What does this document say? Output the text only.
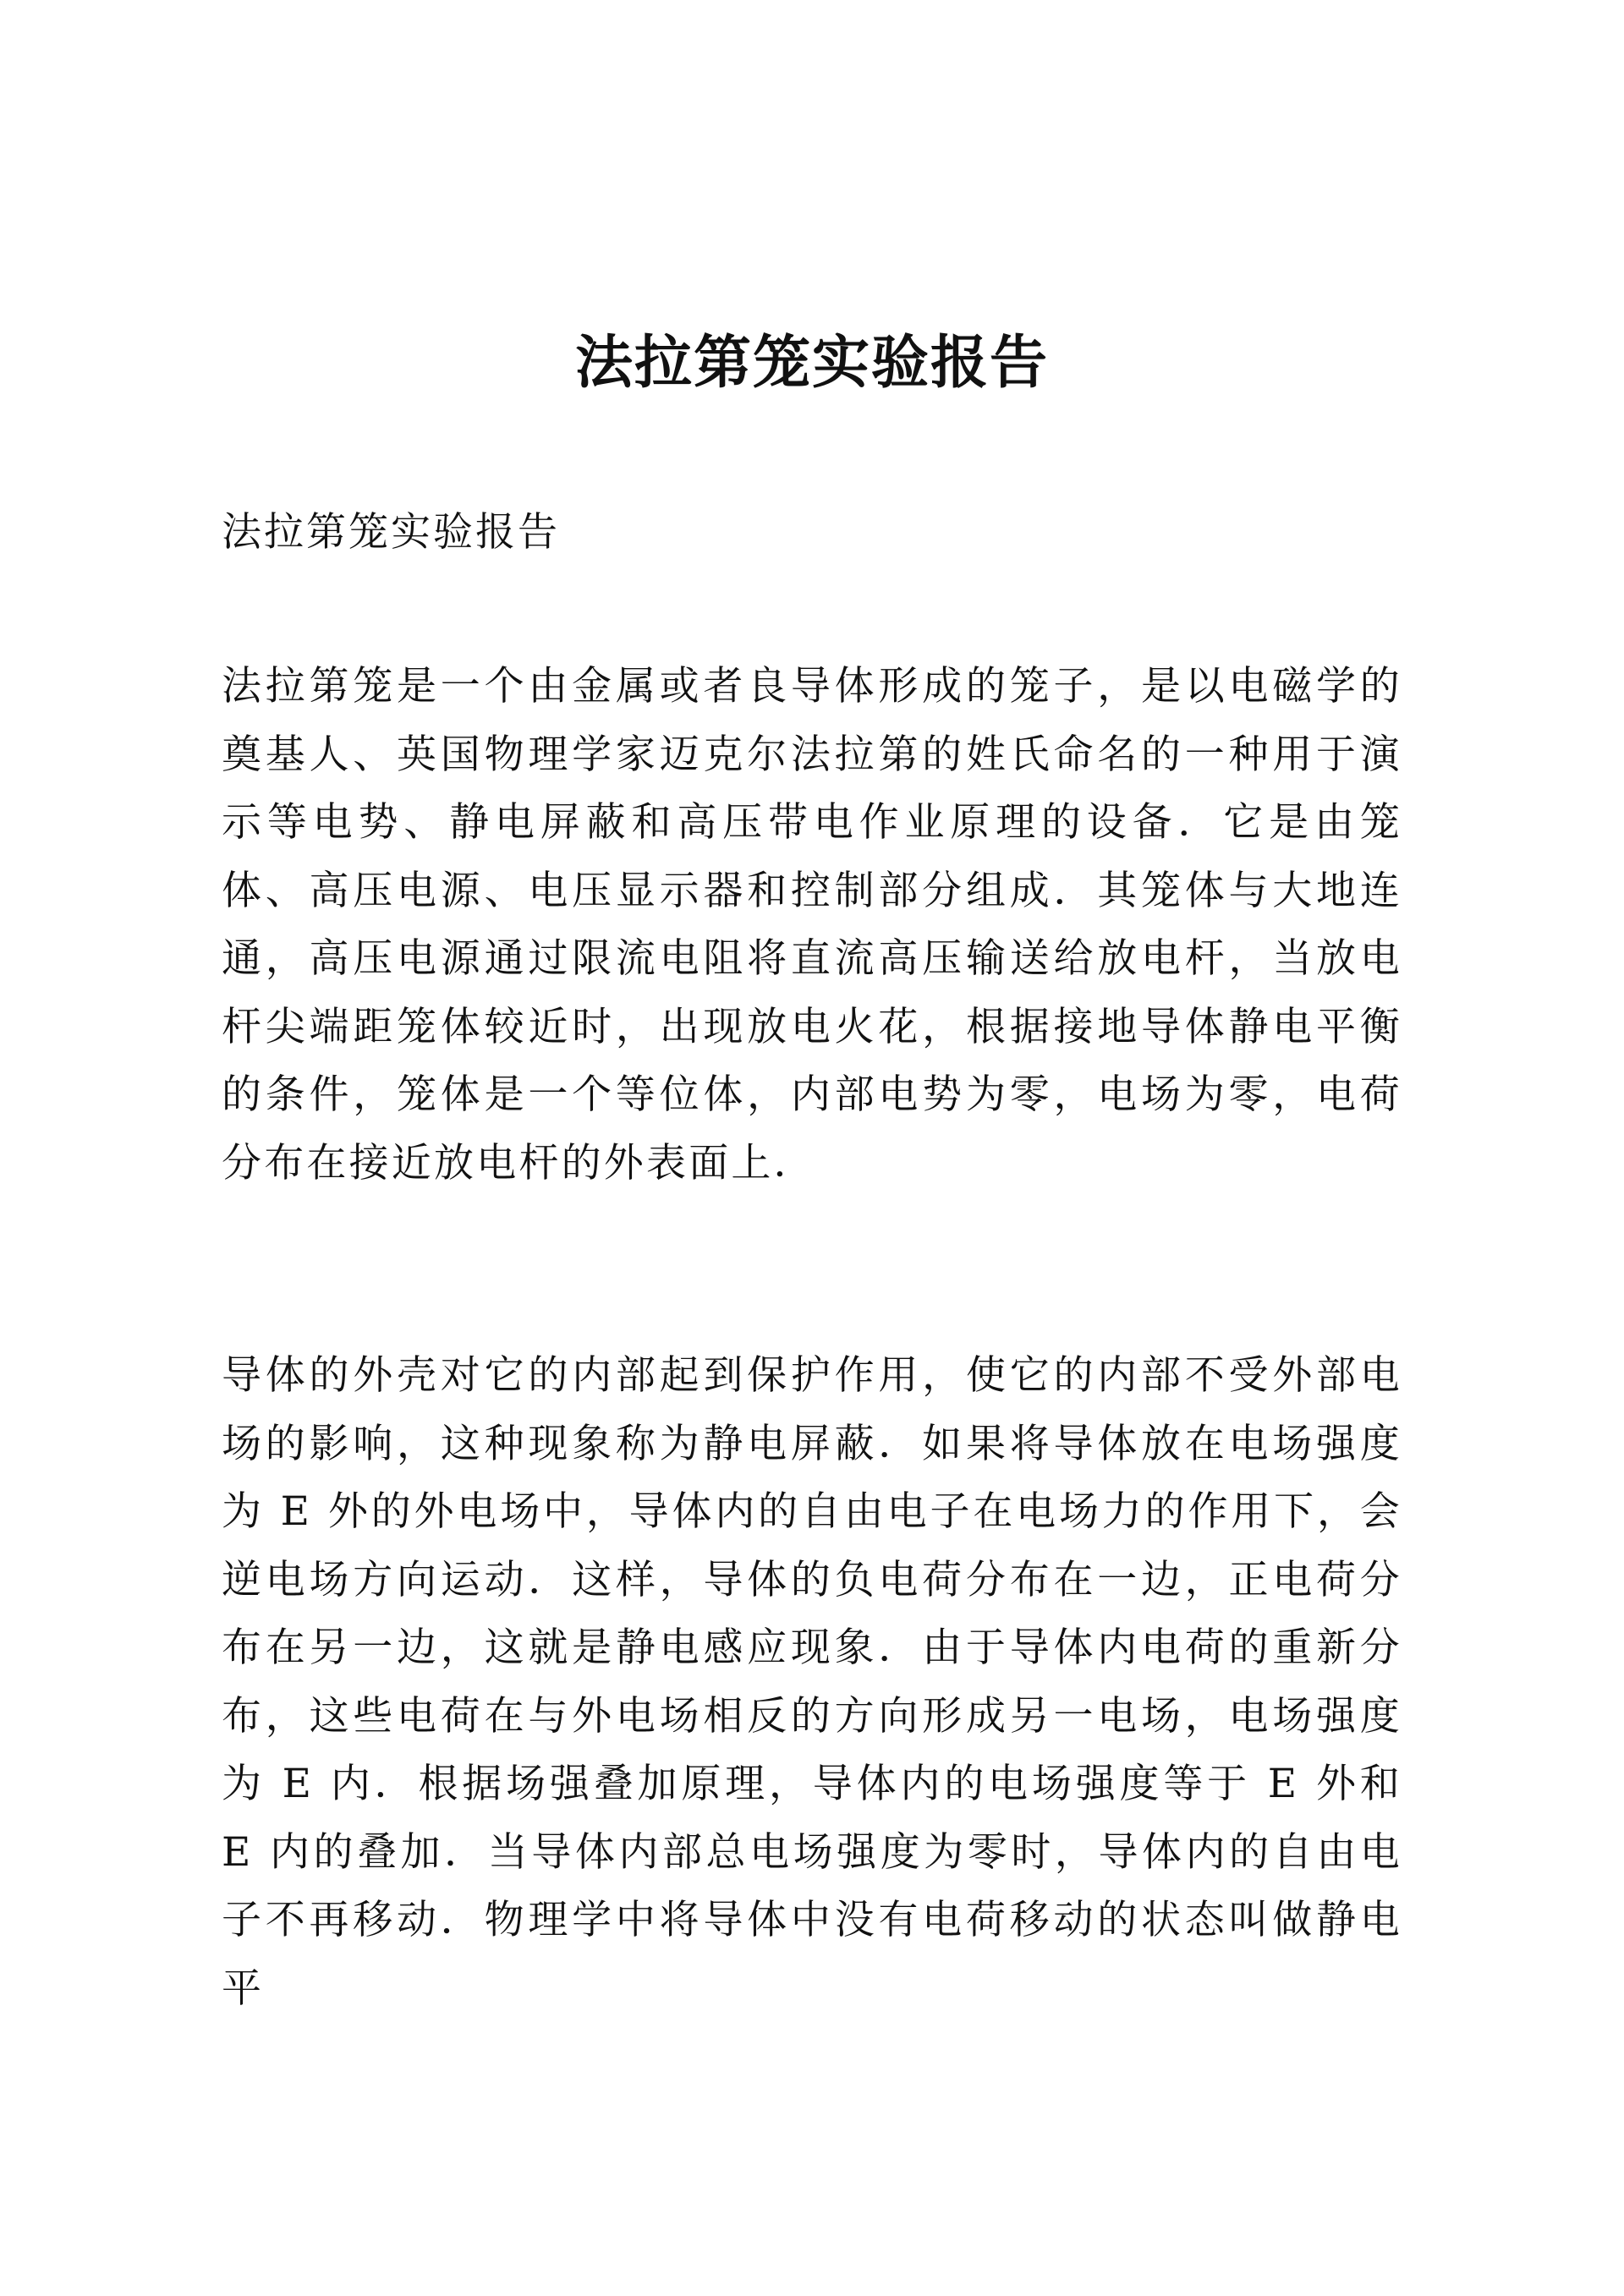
法拉第笼实验报告

法拉第笼实验报告

法拉第笼是一个由金属或者良导体形成的笼子，是以电磁学的奠基人、英国物理学家迈克尔法拉第的姓氏命名的一种用于演示等电势、静电屏蔽和高压带电作业原理的设备．它是由笼体、高压电源、电压显示器和控制部分组成．其笼体与大地连通，高压电源通过限流电阻将直流高压输送给放电杆，当放电杆尖端距笼体较近时，出现放电火花，根据接地导体静电平衡的条件，笼体是一个等位体，内部电势为零，电场为零，电荷分布在接近放电杆的外表面上．

导体的外壳对它的内部起到保护作用，使它的内部不受外部电场的影响，这种现象称为静电屏蔽．如果将导体放在电场强度为 E 外的外电场中，导体内的自由电子在电场力的作用下，会逆电场方向运动．这样，导体的负电荷分布在一边，正电荷分布在另一边，这就是静电感应现象．由于导体内电荷的重新分布，这些电荷在与外电场相反的方向形成另一电场，电场强度为 E 内．根据场强叠加原理，导体内的电场强度等于 E 外和 E 内的叠加．当导体内部总电场强度为零时，导体内的自由电子不再移动．物理学中将导体中没有电荷移动的状态叫做静电平
